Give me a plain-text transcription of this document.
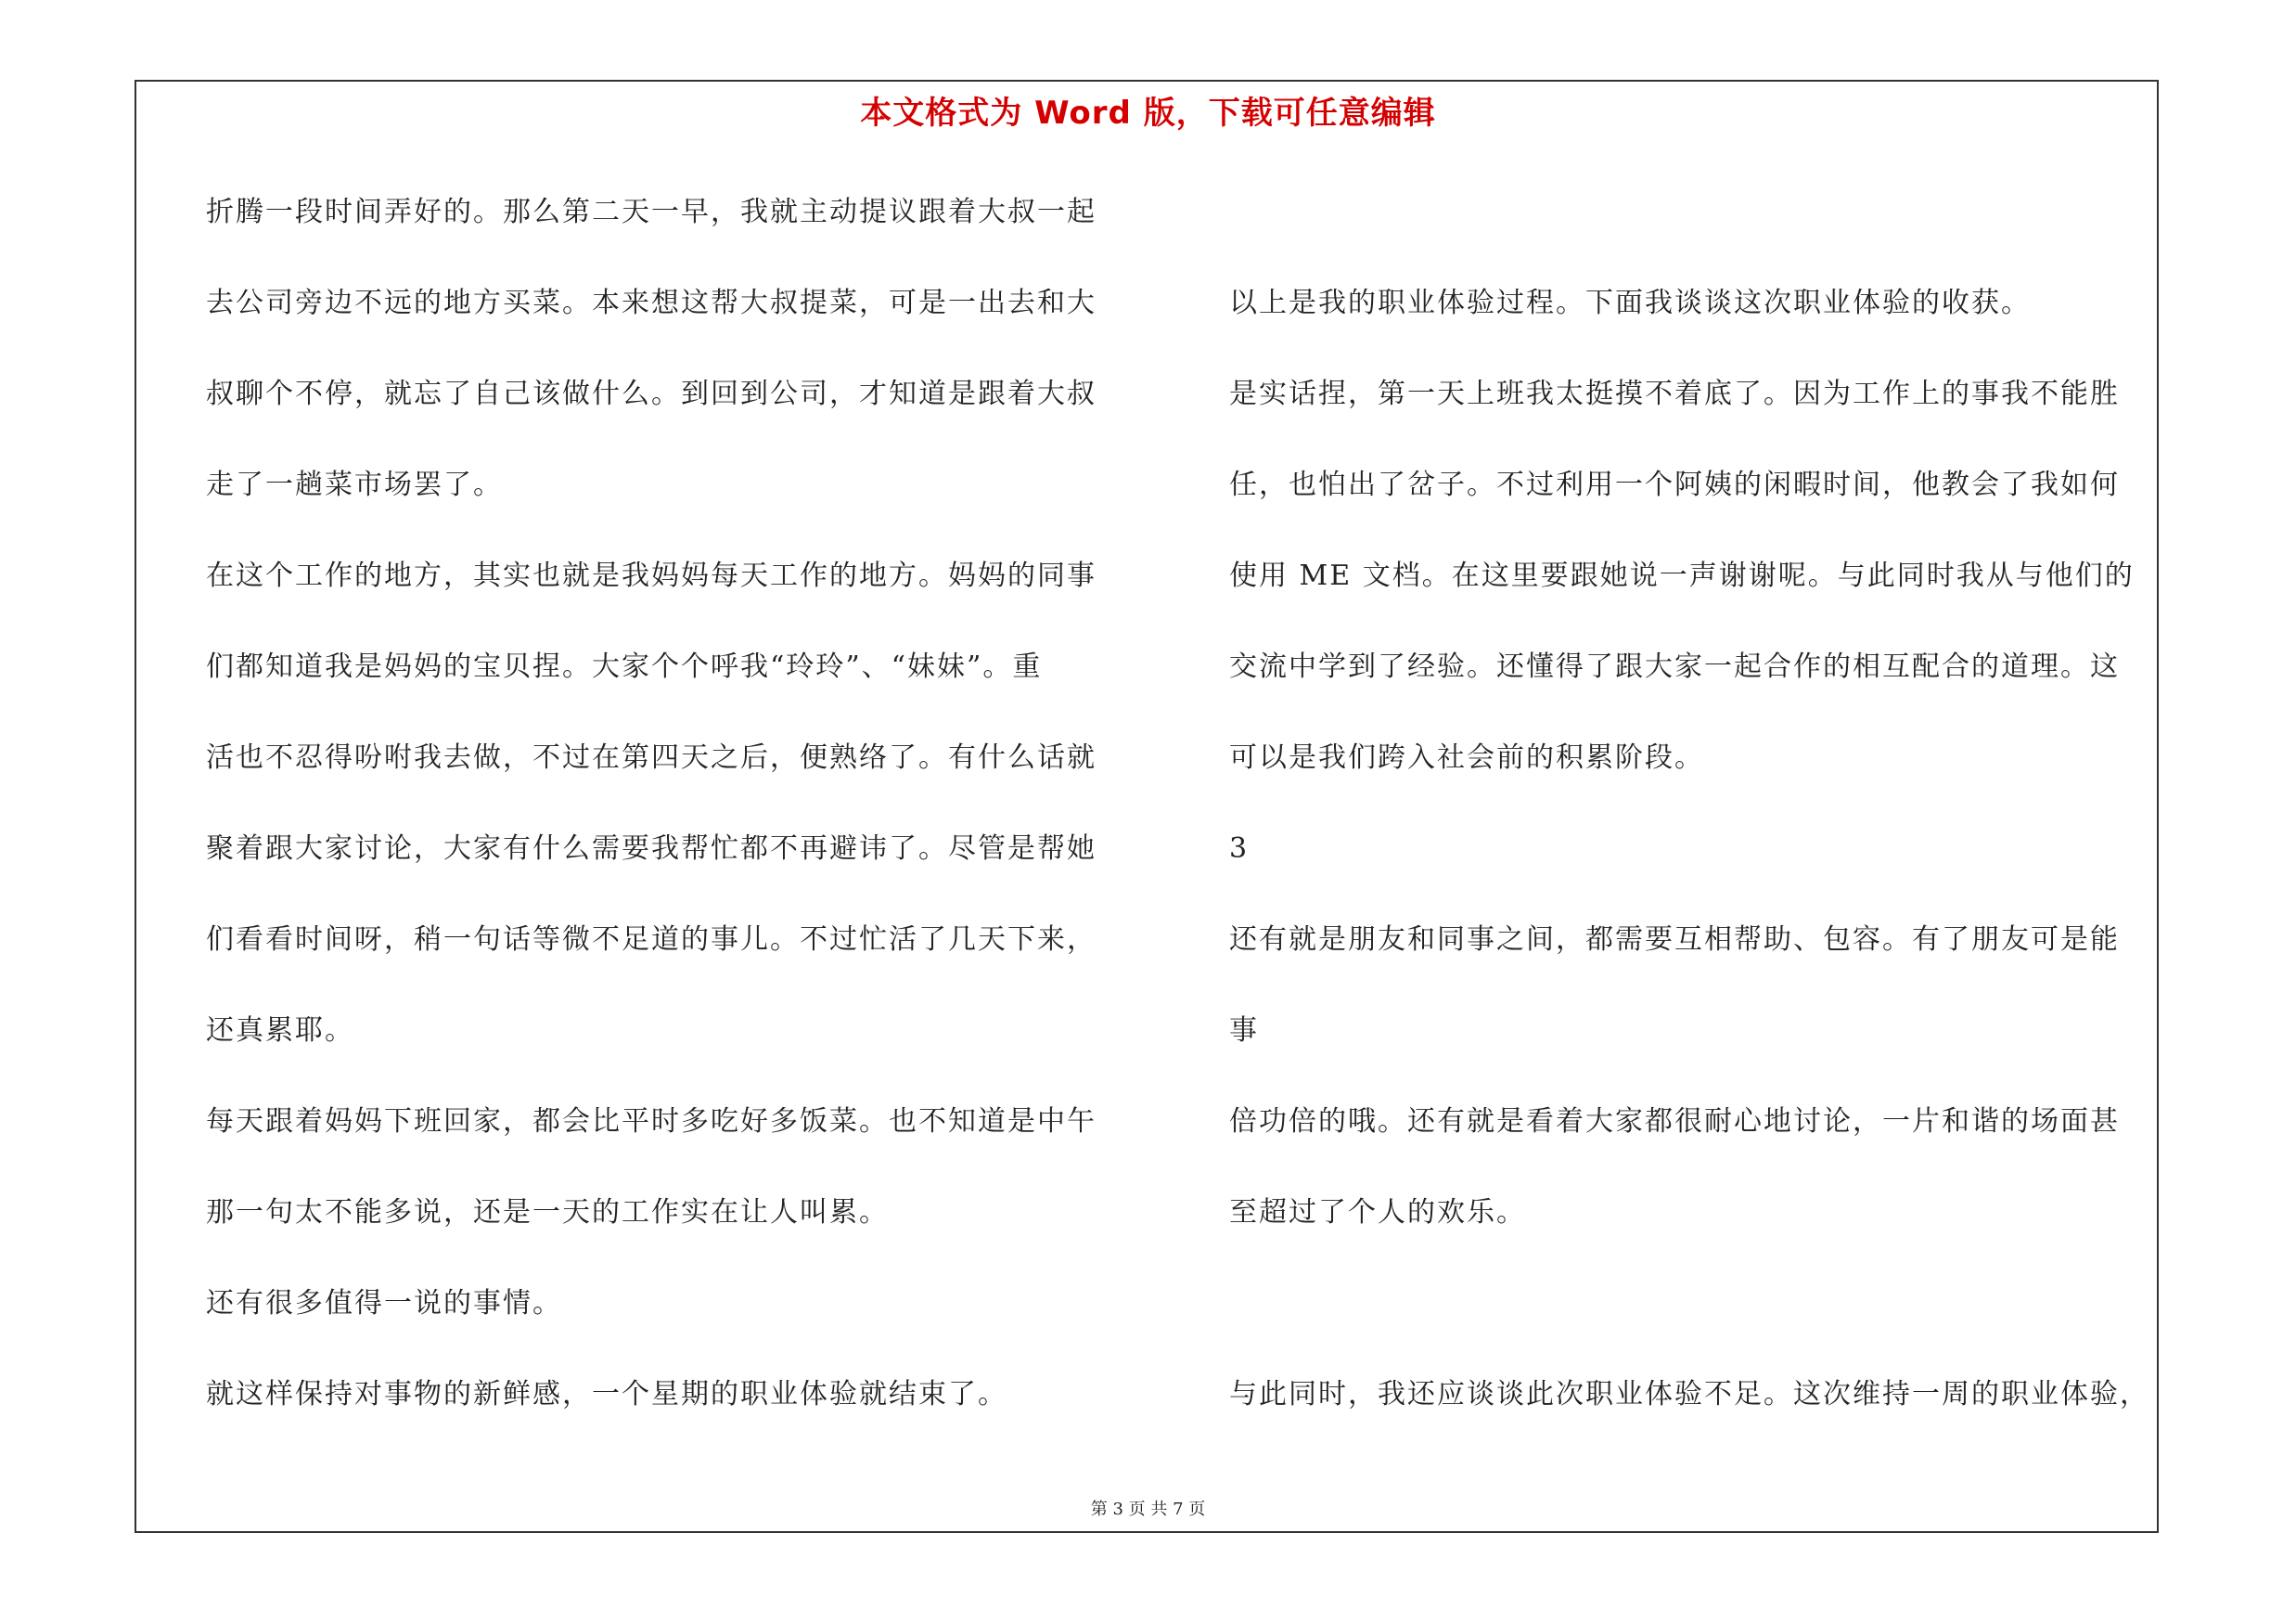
本文格式为 Word 版，下载可任意编辑
折腾一段时间弄好的。那么第二天一早，我就主动提议跟着大叔一起
去公司旁边不远的地方买菜。本来想这帮大叔提菜，可是一出去和大
叔聊个不停，就忘了自己该做什么。到回到公司，才知道是跟着大叔
走了一趟菜市场罢了。
在这个工作的地方，其实也就是我妈妈每天工作的地方。妈妈的同事
们都知道我是妈妈的宝贝捏。大家个个呼我“玲玲”、“妹妹”。重
活也不忍得吩咐我去做，不过在第四天之后，便熟络了。有什么话就
聚着跟大家讨论，大家有什么需要我帮忙都不再避讳了。尽管是帮她
们看看时间呀，稍一句话等微不足道的事儿。不过忙活了几天下来，
还真累耶。
每天跟着妈妈下班回家，都会比平时多吃好多饭菜。也不知道是中午
那一句太不能多说，还是一天的工作实在让人叫累。
还有很多值得一说的事情。
就这样保持对事物的新鲜感，一个星期的职业体验就结束了。
以上是我的职业体验过程。下面我谈谈这次职业体验的收获。
是实话捏，第一天上班我太挺摸不着底了。因为工作上的事我不能胜
任，也怕出了岔子。不过利用一个阿姨的闲暇时间，他教会了我如何
使用 ME 文档。在这里要跟她说一声谢谢呢。与此同时我从与他们的
交流中学到了经验。还懂得了跟大家一起合作的相互配合的道理。这
可以是我们跨入社会前的积累阶段。
3
还有就是朋友和同事之间，都需要互相帮助、包容。有了朋友可是能
事
倍功倍的哦。还有就是看着大家都很耐心地讨论，一片和谐的场面甚
至超过了个人的欢乐。
与此同时，我还应谈谈此次职业体验不足。这次维持一周的职业体验，
第 3 页 共 7 页
